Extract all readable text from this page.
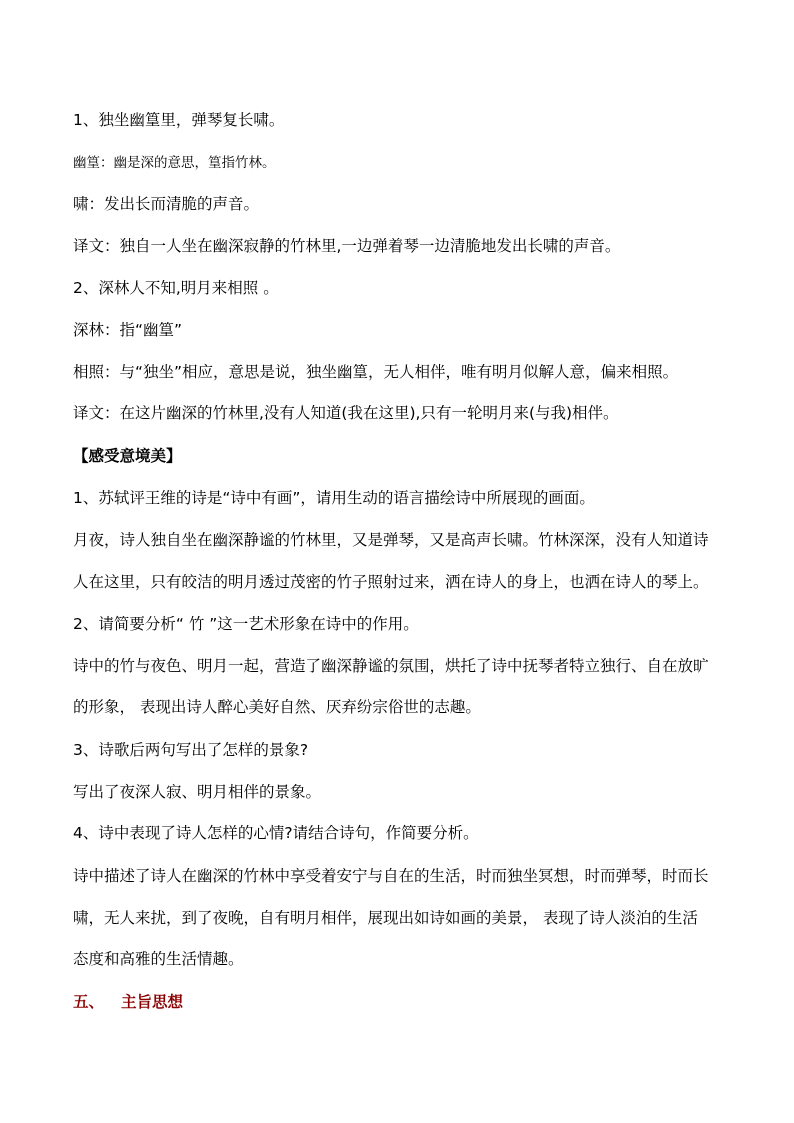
1、独坐幽篁里，弹琴复长啸。
幽篁：幽是深的意思，篁指竹林。
啸：发出长而清脆的声音。
译文：独自一人坐在幽深寂静的竹林里,一边弹着琴一边清脆地发出长啸的声音。
2、深林人不知,明月来相照 。
深林：指“幽篁”
相照：与“独坐”相应，意思是说，独坐幽篁，无人相伴，唯有明月似解人意，偏来相照。
译文：在这片幽深的竹林里,没有人知道(我在这里),只有一轮明月来(与我)相伴。
【感受意境美】
1、苏轼评王维的诗是“诗中有画”，请用生动的语言描绘诗中所展现的画面。
月夜，诗人独自坐在幽深静谧的竹林里，又是弹琴，又是高声长啸。竹林深深，没有人知道诗
人在这里，只有皎洁的明月透过茂密的竹子照射过来，洒在诗人的身上，也洒在诗人的琴上。
2、请简要分析“ 竹 ”这一艺术形象在诗中的作用。
诗中的竹与夜色、明月一起，营造了幽深静谧的氛围，烘托了诗中抚琴者特立独行、自在放旷
的形象， 表现出诗人醉心美好自然、厌弃纷宗俗世的志趣。
3、诗歌后两句写出了怎样的景象?
写出了夜深人寂、明月相伴的景象。
4、诗中表现了诗人怎样的心情?请结合诗句，作简要分析。
诗中描述了诗人在幽深的竹林中享受着安宁与自在的生活，时而独坐冥想，时而弹琴，时而长
啸，无人来扰，到了夜晚，自有明月相伴，展现出如诗如画的美景， 表现了诗人淡泊的生活
态度和高雅的生活情趣。
五、 主旨思想
